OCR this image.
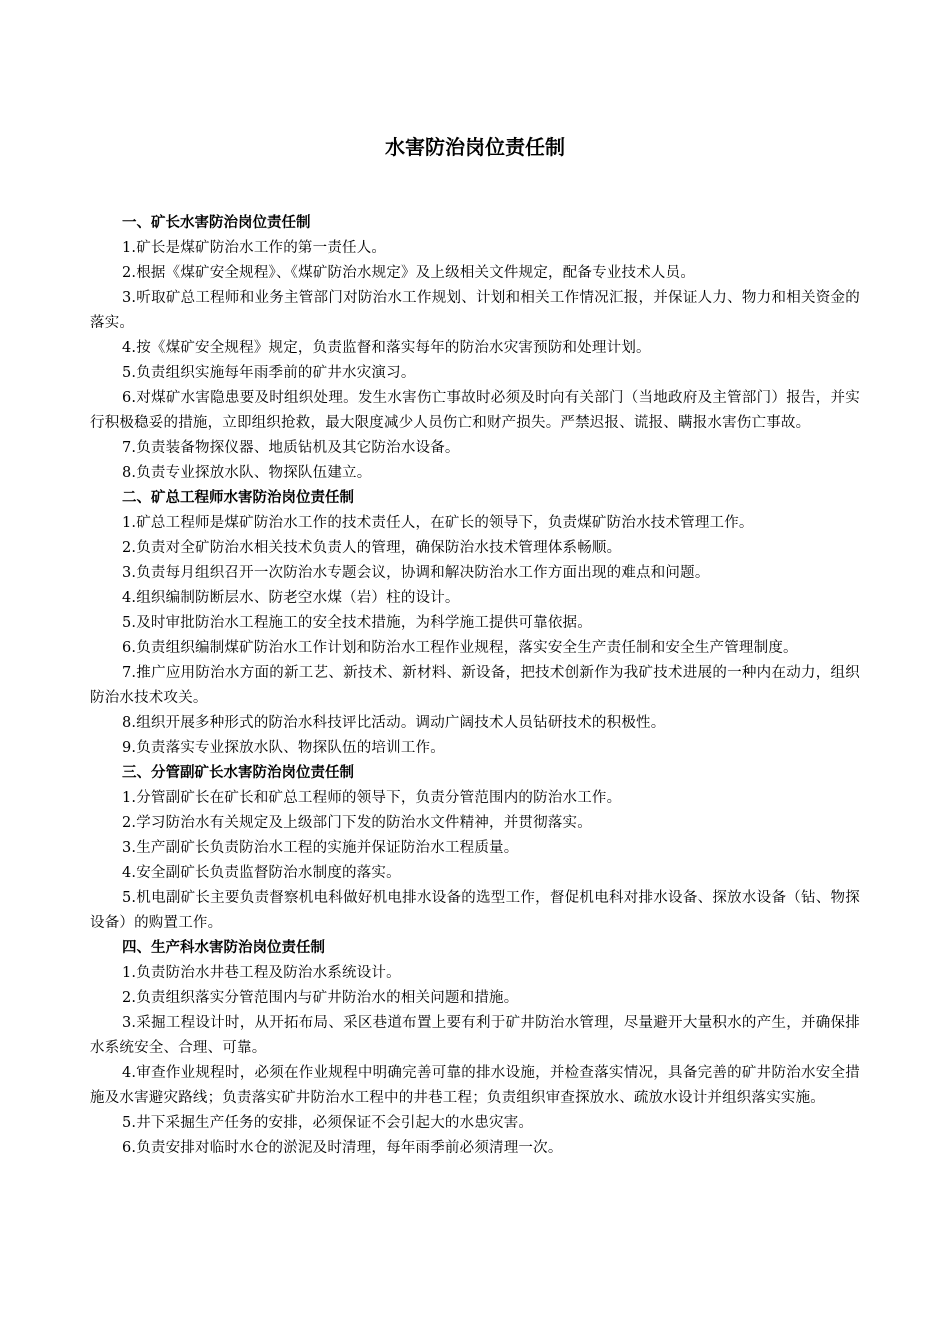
水害防治岗位责任制

一、矿长水害防治岗位责任制

1.矿长是煤矿防治水工作的第一责任人。

2.根据《煤矿安全规程》、《煤矿防治水规定》及上级相关文件规定，配备专业技术人员。

3.听取矿总工程师和业务主管部门对防治水工作规划、计划和相关工作情况汇报，并保证人力、物力和相关资金的落实。

4.按《煤矿安全规程》规定，负责监督和落实每年的防治水灾害预防和处理计划。

5.负责组织实施每年雨季前的矿井水灾演习。

6.对煤矿水害隐患要及时组织处理。发生水害伤亡事故时必须及时向有关部门（当地政府及主管部门）报告，并实行积极稳妥的措施，立即组织抢救，最大限度减少人员伤亡和财产损失。严禁迟报、谎报、瞒报水害伤亡事故。

7.负责装备物探仪器、地质钻机及其它防治水设备。

8.负责专业探放水队、物探队伍建立。

二、矿总工程师水害防治岗位责任制

1.矿总工程师是煤矿防治水工作的技术责任人，在矿长的领导下，负责煤矿防治水技术管理工作。

2.负责对全矿防治水相关技术负责人的管理，确保防治水技术管理体系畅顺。

3.负责每月组织召开一次防治水专题会议，协调和解决防治水工作方面出现的难点和问题。

4.组织编制防断层水、防老空水煤（岩）柱的设计。

5.及时审批防治水工程施工的安全技术措施，为科学施工提供可靠依据。

6.负责组织编制煤矿防治水工作计划和防治水工程作业规程，落实安全生产责任制和安全生产管理制度。

7.推广应用防治水方面的新工艺、新技术、新材料、新设备，把技术创新作为我矿技术进展的一种内在动力，组织防治水技术攻关。

8.组织开展多种形式的防治水科技评比活动。调动广阔技术人员钻研技术的积极性。

9.负责落实专业探放水队、物探队伍的培训工作。

三、分管副矿长水害防治岗位责任制

1.分管副矿长在矿长和矿总工程师的领导下，负责分管范围内的防治水工作。

2.学习防治水有关规定及上级部门下发的防治水文件精神，并贯彻落实。

3.生产副矿长负责防治水工程的实施并保证防治水工程质量。

4.安全副矿长负责监督防治水制度的落实。

5.机电副矿长主要负责督察机电科做好机电排水设备的选型工作，督促机电科对排水设备、探放水设备（钻、物探设备）的购置工作。

四、生产科水害防治岗位责任制

1.负责防治水井巷工程及防治水系统设计。

2.负责组织落实分管范围内与矿井防治水的相关问题和措施。

3.采掘工程设计时，从开拓布局、采区巷道布置上要有利于矿井防治水管理，尽量避开大量积水的产生，并确保排水系统安全、合理、可靠。

4.审查作业规程时，必须在作业规程中明确完善可靠的排水设施，并检查落实情况，具备完善的矿井防治水安全措施及水害避灾路线；负责落实矿井防治水工程中的井巷工程；负责组织审查探放水、疏放水设计并组织落实实施。

5.井下采掘生产任务的安排，必须保证不会引起大的水患灾害。

6.负责安排对临时水仓的淤泥及时清理，每年雨季前必须清理一次。
